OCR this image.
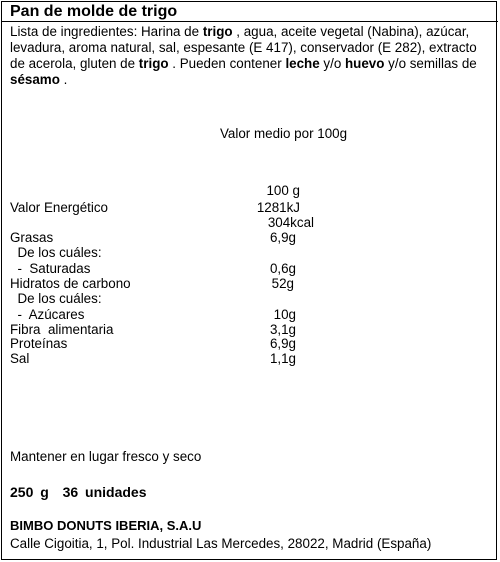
Pan de molde de trigo
Lista de ingredientes: Harina de trigo , agua, aceite vegetal (Nabina), azúcar, levadura, aroma natural, sal, espesante (E 417), conservador (E 282), extracto de acerola, gluten de trigo . Pueden contener leche y/o huevo y/o semillas de sésamo .
Valor medio por 100g
100 g
Valor Energético	1281kJ
304kcal
Grasas	6,9g
De los cuáles:
-  Saturadas	0,6g
Hidratos de carbono	52g
De los cuáles:
-  Azúcares	10g
Fibra  alimentaria	3,1g
Proteínas	6,9g
Sal	1,1g
Mantener en lugar fresco y seco
250 g  36 unidades
BIMBO DONUTS IBERIA, S.A.U
Calle Cigoitia, 1, Pol. Industrial Las Mercedes, 28022, Madrid (España)
